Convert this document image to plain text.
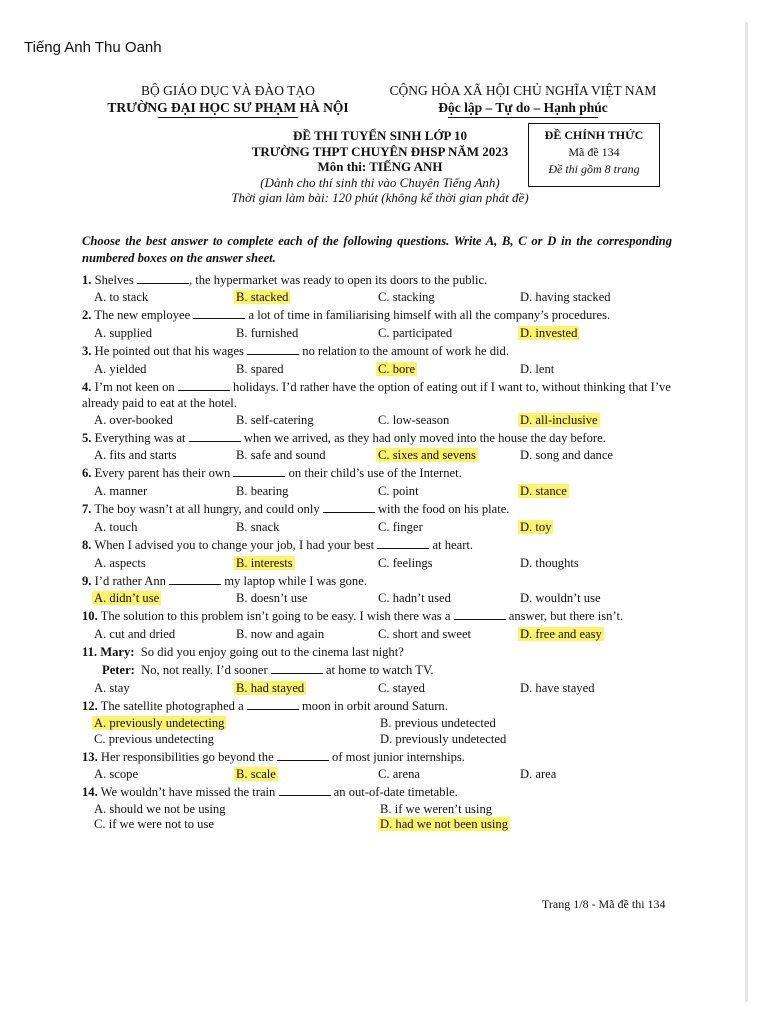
Tiếng Anh Thu Oanh
BỘ GIÁO DỤC VÀ ĐÀO TẠO
TRƯỜNG ĐẠI HỌC SƯ PHẠM HÀ NỘI
CỘNG HÒA XÃ HỘI CHỦ NGHĨA VIỆT NAM
Độc lập – Tự do – Hạnh phúc
ĐỀ THI TUYỂN SINH LỚP 10
TRƯỜNG THPT CHUYÊN ĐHSP NĂM 2023
Môn thi: TIẾNG ANH
(Dành cho thí sinh thi vào Chuyên Tiếng Anh)
Thời gian làm bài: 120 phút (không kể thời gian phát đề)
ĐỀ CHÍNH THỨC
Mã đề 134
Đề thi gồm 8 trang
Choose the best answer to complete each of the following questions. Write A, B, C or D in the corresponding numbered boxes on the answer sheet.
1. Shelves	, the hypermarket was ready to open its doors to the public.
A. to stack	B. stacked	C. stacking	D. having stacked
2. The new employee	a lot of time in familiarising himself with all the company’s procedures.
A. supplied	B. furnished	C. participated	D. invested
3. He pointed out that his wages	no relation to the amount of work he did.
A. yielded	B. spared	C. bore	D. lent
4. I’m not keen on	holidays. I’d rather have the option of eating out if I want to, without thinking that I’ve already paid to eat at the hotel.
A. over-booked	B. self-catering	C. low-season	D. all-inclusive
5. Everything was at	when we arrived, as they had only moved into the house the day before.
A. fits and starts	B. safe and sound	C. sixes and sevens	D. song and dance
6. Every parent has their own	on their child’s use of the Internet.
A. manner	B. bearing	C. point	D. stance
7. The boy wasn’t at all hungry, and could only	with the food on his plate.
A. touch	B. snack	C. finger	D. toy
8. When I advised you to change your job, I had your best	at heart.
A. aspects	B. interests	C. feelings	D. thoughts
9. I’d rather Ann	my laptop while I was gone.
A. didn’t use	B. doesn’t use	C. hadn’t used	D. wouldn’t use
10. The solution to this problem isn’t going to be easy. I wish there was a	answer, but there isn’t.
A. cut and dried	B. now and again	C. short and sweet	D. free and easy
11. Mary: So did you enjoy going out to the cinema last night?
Peter: No, not really. I’d sooner	at home to watch TV.
A. stay	B. had stayed	C. stayed	D. have stayed
12. The satellite photographed a	moon in orbit around Saturn.
A. previously undetecting	B. previous undetected
C. previous undetecting	D. previously undetected
13. Her responsibilities go beyond the	of most junior internships.
A. scope	B. scale	C. arena	D. area
14. We wouldn’t have missed the train	an out-of-date timetable.
A. should we not be using	B. if we weren’t using
C. if we were not to use	D. had we not been using
Trang 1/8 - Mã đề thi 134
